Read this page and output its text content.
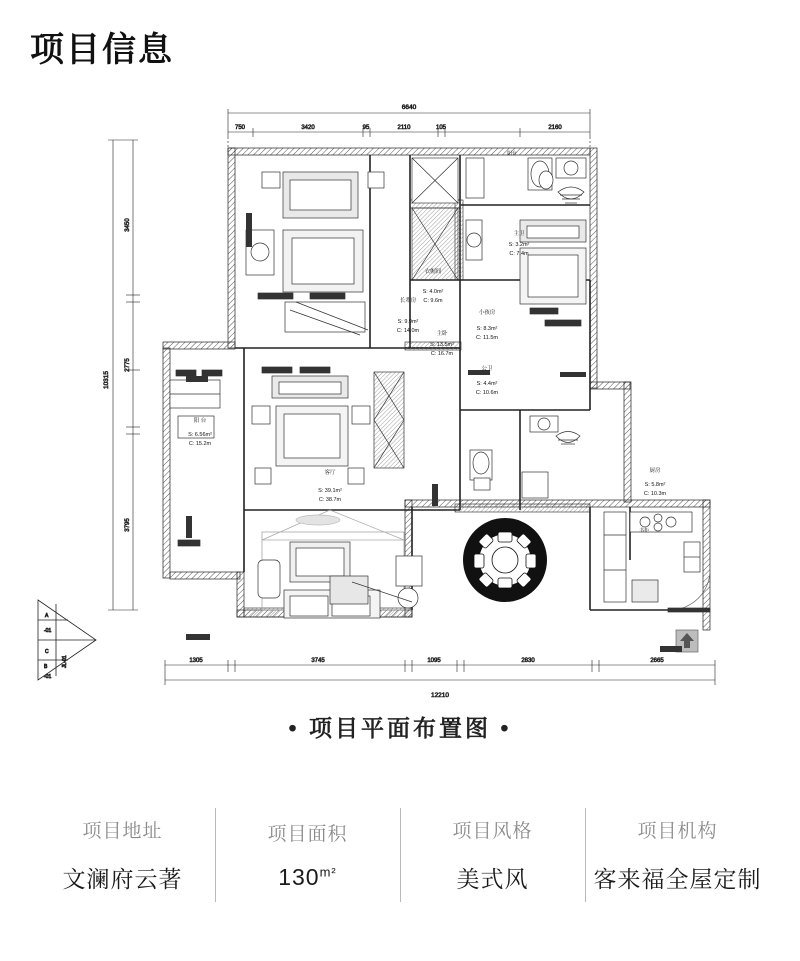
项目信息
6640
750	3420	95	2110	105	2160
10315
3450
2775
3795
1305	3745	1095	2830	2665
12210
衣帽间
S: 4.0m²
C: 9.6m
主卫
S: 3.2m²
C: 7.4m
主卧
S: 13.5m²
C: 16.7m
长辈房
S: 9.9m²
C: 14.0m
小孩房
S: 8.3m²
C: 11.5m
公卫
S: 4.4m²
C: 10.6m
阳 台
S: 6.56m²
C: 15.2m
客厅
S: 39.1m²
C: 38.7m
厨房
S: 5.8m²
C: 10.3m
书柜
阳台
A
-01
C
B
-01
JL-01
• 项目平面布置图 •
项目地址
文澜府云著
项目面积
$130^{m^2}$
项目风格
美式风
项目机构
客来福全屋定制
